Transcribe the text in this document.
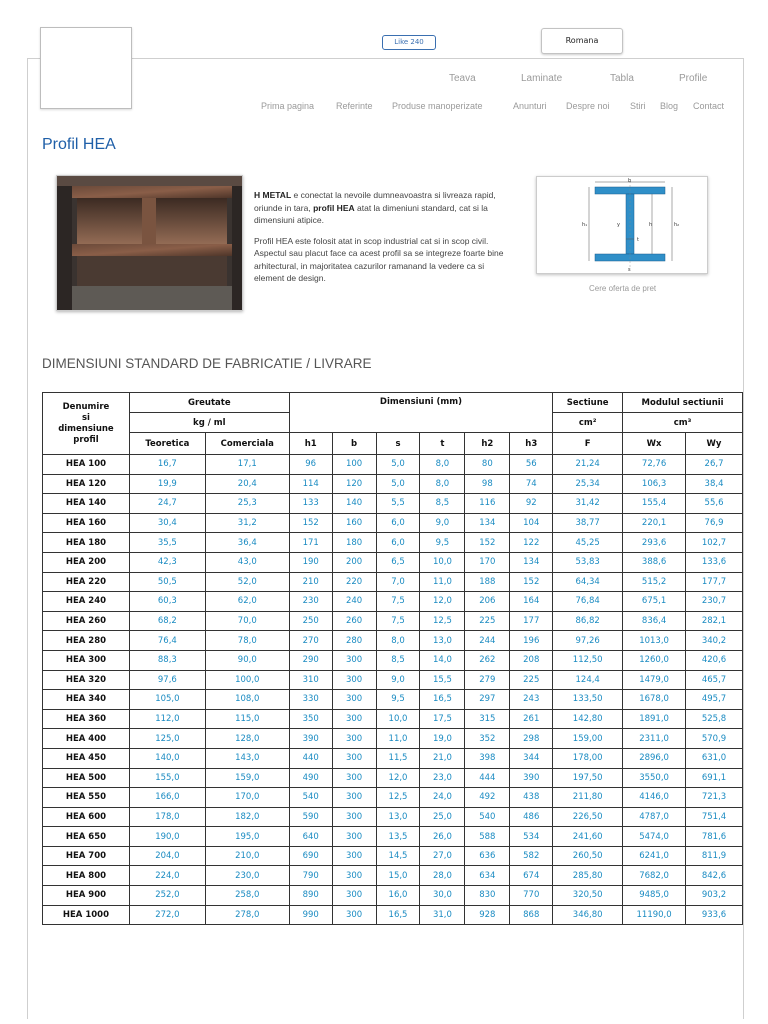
Like 240	Romana
Teava	Laminate	Tabla	Profile
Prima pagina Referinte Produse manoperizate	Anunturi Despre noi Stiri Blog Contact
Profil HEA

H METAL e conectat la nevoile dumneavoastra si livreaza rapid, oriunde in tara, profil HEA atat la dimeniuni standard, cat si la dimensiuni atipice.

Profil HEA este folosit atat in scop industrial cat si in scop civil. Aspectul sau placut face ca acest profil sa se integreze foarte bine arhitectural, in majoritatea cazurilor ramanand la vedere ca si element de design.

b
h₁	y	h	h₂
t
s
Cere oferta de pret
DIMENSIUNI STANDARD DE FABRICATIE / LIVRARE
Denumire
si
dimensiune
profil	Greutate		Dimensiuni (mm)						Sectiune	Modulul sectiunii	
	kg / ml								cm²	cm³	
	Teoretica	Comerciala	h1	b	s	t	h2	h3	F	Wx	Wy
HEA 100	16,7	17,1	96	100	5,0	8,0	80	56	21,24	72,76	26,7
HEA 120	19,9	20,4	114	120	5,0	8,0	98	74	25,34	106,3	38,4
HEA 140	24,7	25,3	133	140	5,5	8,5	116	92	31,42	155,4	55,6
HEA 160	30,4	31,2	152	160	6,0	9,0	134	104	38,77	220,1	76,9
HEA 180	35,5	36,4	171	180	6,0	9,5	152	122	45,25	293,6	102,7
HEA 200	42,3	43,0	190	200	6,5	10,0	170	134	53,83	388,6	133,6
HEA 220	50,5	52,0	210	220	7,0	11,0	188	152	64,34	515,2	177,7
HEA 240	60,3	62,0	230	240	7,5	12,0	206	164	76,84	675,1	230,7
HEA 260	68,2	70,0	250	260	7,5	12,5	225	177	86,82	836,4	282,1
HEA 280	76,4	78,0	270	280	8,0	13,0	244	196	97,26	1013,0	340,2
HEA 300	88,3	90,0	290	300	8,5	14,0	262	208	112,50	1260,0	420,6
HEA 320	97,6	100,0	310	300	9,0	15,5	279	225	124,4	1479,0	465,7
HEA 340	105,0	108,0	330	300	9,5	16,5	297	243	133,50	1678,0	495,7
HEA 360	112,0	115,0	350	300	10,0	17,5	315	261	142,80	1891,0	525,8
HEA 400	125,0	128,0	390	300	11,0	19,0	352	298	159,00	2311,0	570,9
HEA 450	140,0	143,0	440	300	11,5	21,0	398	344	178,00	2896,0	631,0
HEA 500	155,0	159,0	490	300	12,0	23,0	444	390	197,50	3550,0	691,1
HEA 550	166,0	170,0	540	300	12,5	24,0	492	438	211,80	4146,0	721,3
HEA 600	178,0	182,0	590	300	13,0	25,0	540	486	226,50	4787,0	751,4
HEA 650	190,0	195,0	640	300	13,5	26,0	588	534	241,60	5474,0	781,6
HEA 700	204,0	210,0	690	300	14,5	27,0	636	582	260,50	6241,0	811,9
HEA 800	224,0	230,0	790	300	15,0	28,0	634	674	285,80	7682,0	842,6
HEA 900	252,0	258,0	890	300	16,0	30,0	830	770	320,50	9485,0	903,2
HEA 1000	272,0	278,0	990	300	16,5	31,0	928	868	346,80	11190,0	933,6
